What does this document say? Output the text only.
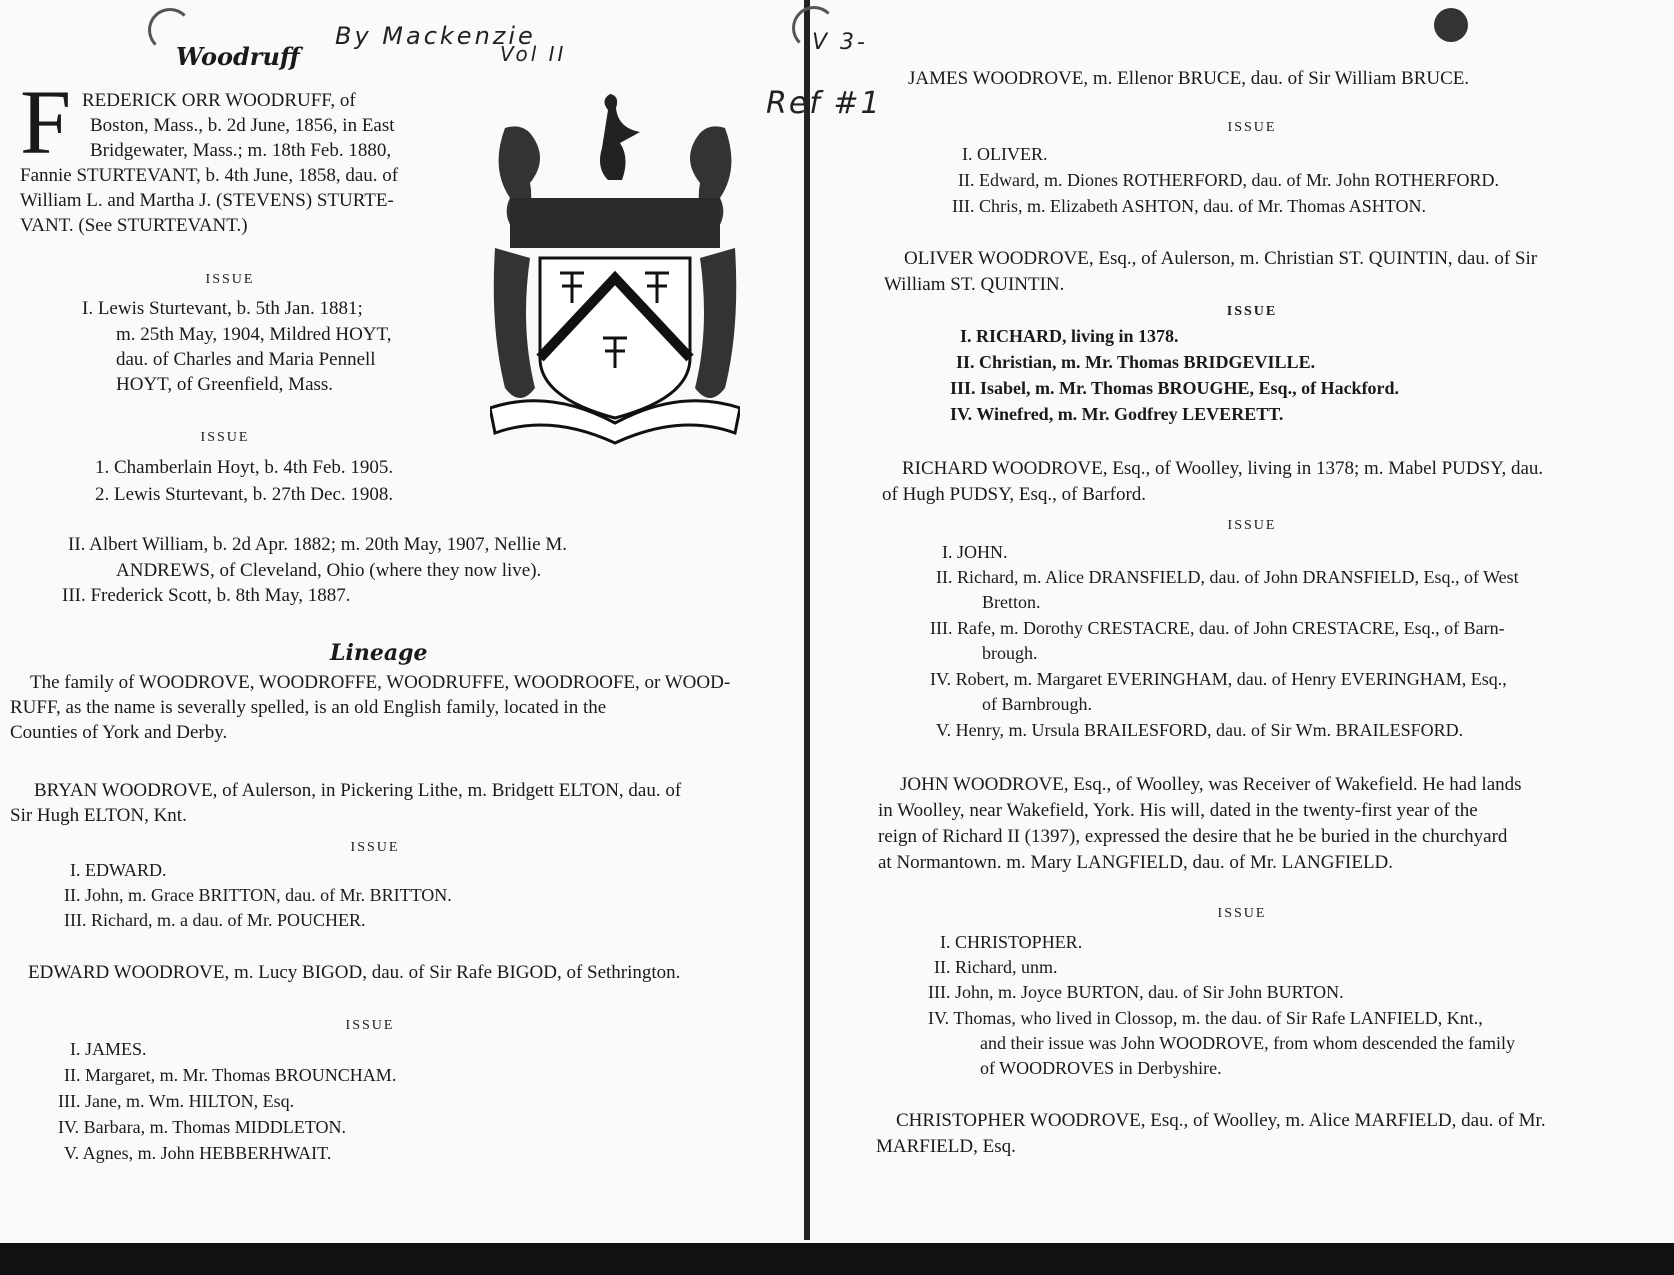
Woodruff
By Mackenzie
Vol II
F REDERICK ORR WOODRUFF, of
Boston, Mass., b. 2d June, 1856, in East
Bridgewater, Mass.; m. 18th Feb. 1880,
Fannie STURTEVANT, b. 4th June, 1858, dau. of
William L. and Martha J. (STEVENS) STURTE-
VANT. (See STURTEVANT.)
ISSUE
I. Lewis Sturtevant, b. 5th Jan. 1881;
m. 25th May, 1904, Mildred HOYT,
dau. of Charles and Maria Pennell
HOYT, of Greenfield, Mass.
ISSUE
1. Chamberlain Hoyt, b. 4th Feb. 1905.
2. Lewis Sturtevant, b. 27th Dec. 1908.
II. Albert William, b. 2d Apr. 1882; m. 20th May, 1907, Nellie M.
ANDREWS, of Cleveland, Ohio (where they now live).
III. Frederick Scott, b. 8th May, 1887.
Lineage
The family of WOODROVE, WOODROFFE, WOODRUFFE, WOODROOFE, or WOOD-
RUFF, as the name is severally spelled, is an old English family, located in the
Counties of York and Derby.
BRYAN WOODROVE, of Aulerson, in Pickering Lithe, m. Bridgett ELTON, dau. of
Sir Hugh ELTON, Knt.
ISSUE
I. EDWARD.
II. John, m. Grace BRITTON, dau. of Mr. BRITTON.
III. Richard, m. a dau. of Mr. POUCHER.
EDWARD WOODROVE, m. Lucy BIGOD, dau. of Sir Rafe BIGOD, of Sethrington.
ISSUE
I. JAMES.
II. Margaret, m. Mr. Thomas BROUNCHAM.
III. Jane, m. Wm. HILTON, Esq.
IV. Barbara, m. Thomas MIDDLETON.
V. Agnes, m. John HEBBERHWAIT.
V 3-
Ref #1
JAMES WOODROVE, m. Ellenor BRUCE, dau. of Sir William BRUCE.
ISSUE
I. OLIVER.
II. Edward, m. Diones ROTHERFORD, dau. of Mr. John ROTHERFORD.
III. Chris, m. Elizabeth ASHTON, dau. of Mr. Thomas ASHTON.
OLIVER WOODROVE, Esq., of Aulerson, m. Christian ST. QUINTIN, dau. of Sir
William ST. QUINTIN.
ISSUE
I. RICHARD, living in 1378.
II. Christian, m. Mr. Thomas BRIDGEVILLE.
III. Isabel, m. Mr. Thomas BROUGHE, Esq., of Hackford.
IV. Winefred, m. Mr. Godfrey LEVERETT.
RICHARD WOODROVE, Esq., of Woolley, living in 1378; m. Mabel PUDSY, dau.
of Hugh PUDSY, Esq., of Barford.
ISSUE
I. JOHN.
II. Richard, m. Alice DRANSFIELD, dau. of John DRANSFIELD, Esq., of West
Bretton.
III. Rafe, m. Dorothy CRESTACRE, dau. of John CRESTACRE, Esq., of Barn-
brough.
IV. Robert, m. Margaret EVERINGHAM, dau. of Henry EVERINGHAM, Esq.,
of Barnbrough.
V. Henry, m. Ursula BRAILESFORD, dau. of Sir Wm. BRAILESFORD.
JOHN WOODROVE, Esq., of Woolley, was Receiver of Wakefield. He had lands
in Woolley, near Wakefield, York. His will, dated in the twenty-first year of the
reign of Richard II (1397), expressed the desire that he be buried in the churchyard
at Normantown. m. Mary LANGFIELD, dau. of Mr. LANGFIELD.
ISSUE
I. CHRISTOPHER.
II. Richard, unm.
III. John, m. Joyce BURTON, dau. of Sir John BURTON.
IV. Thomas, who lived in Clossop, m. the dau. of Sir Rafe LANFIELD, Knt.,
and their issue was John WOODROVE, from whom descended the family
of WOODROVES in Derbyshire.
CHRISTOPHER WOODROVE, Esq., of Woolley, m. Alice MARFIELD, dau. of Mr.
MARFIELD, Esq.
